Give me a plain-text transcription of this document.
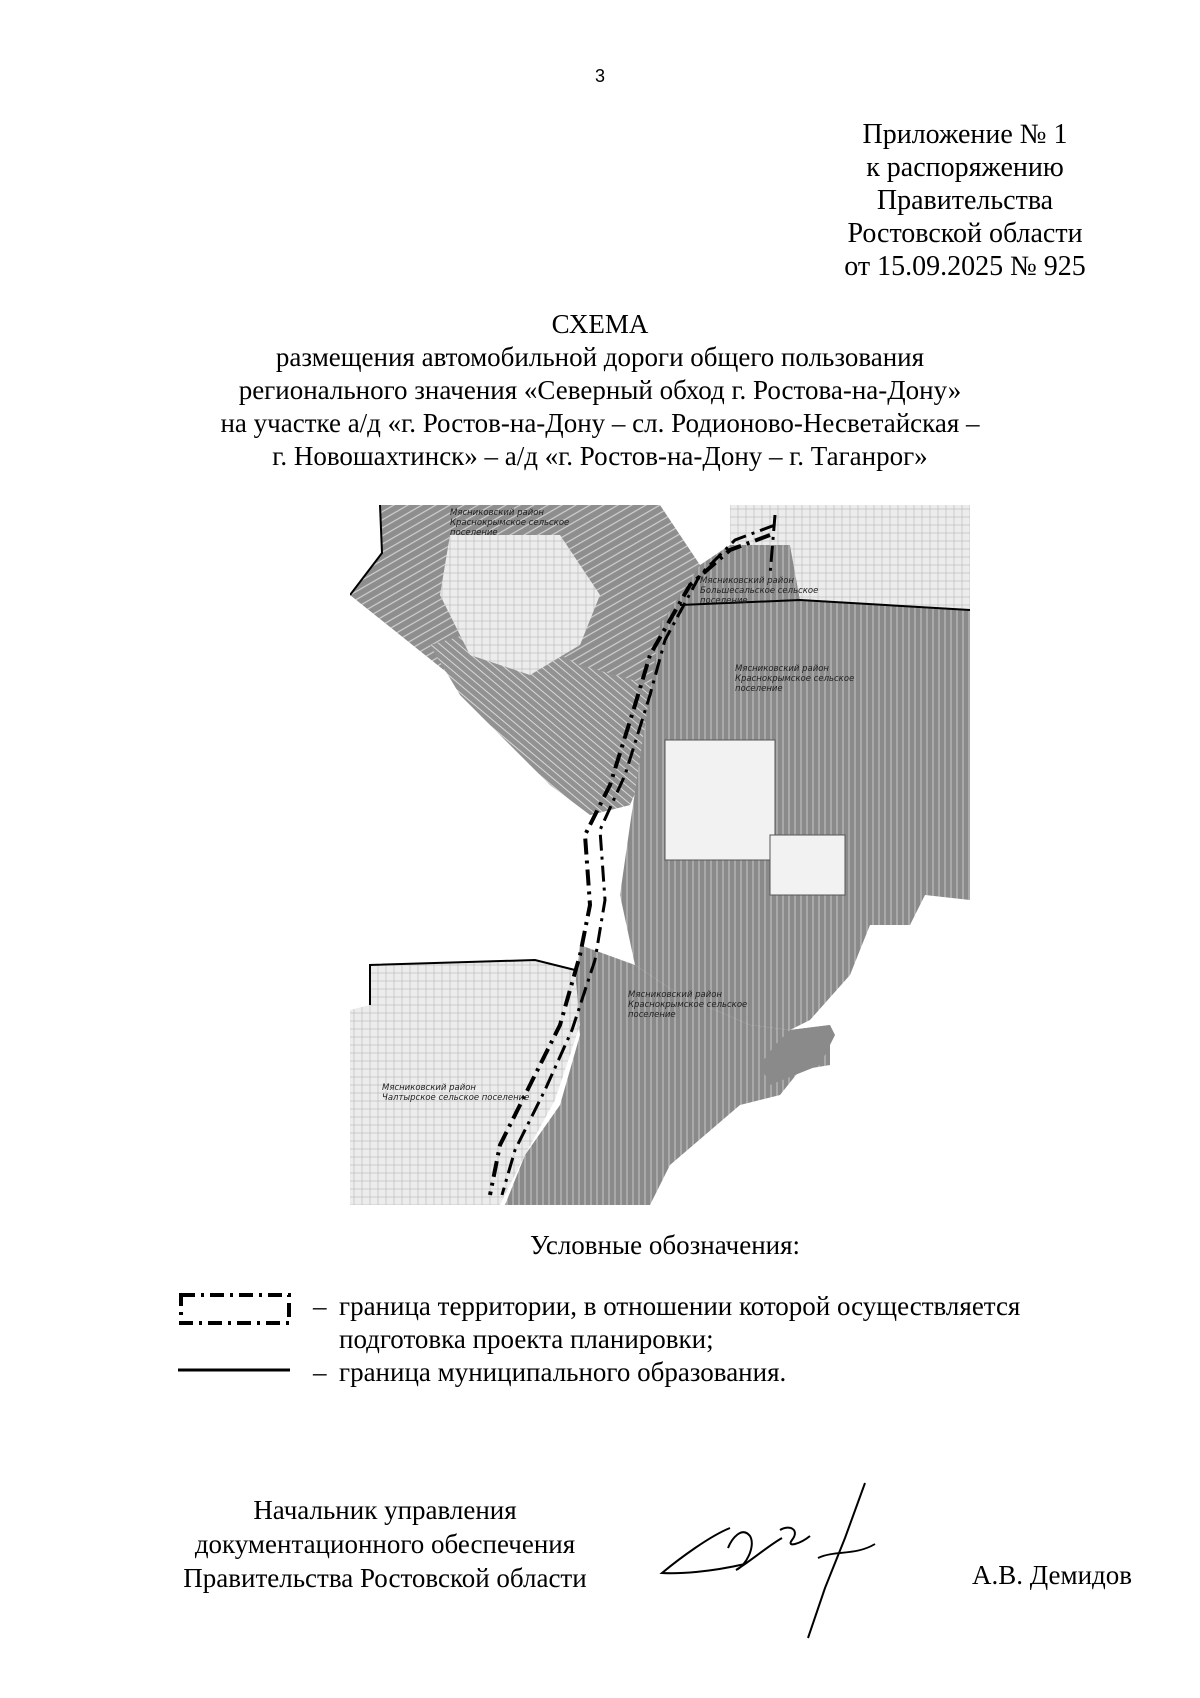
3
Приложение № 1
к распоряжению
Правительства
Ростовской области
от 15.09.2025 № 925
СХЕМА
размещения автомобильной дороги общего пользования
регионального значения «Северный обход г. Ростова-на-Дону»
на участке а/д «г. Ростов-на-Дону – сл. Родионово-Несветайская –
г. Новошахтинск» – а/д «г. Ростов-на-Дону – г. Таганрог»
Мясниковский район
Краснокрымское сельское
поселение
Мясниковский район
Большесальское сельское
поселение
Мясниковский район
Краснокрымское сельское
поселение
Мясниковский район
Краснокрымское сельское
поселение
Мясниковский район
Чалтырское сельское поселение
Условные обозначения:
– граница территории, в отношении которой осуществляется
подготовка проекта планировки;
– граница муниципального образования.
Начальник управления
документационного обеспечения
Правительства Ростовской области	А.В. Демидов
